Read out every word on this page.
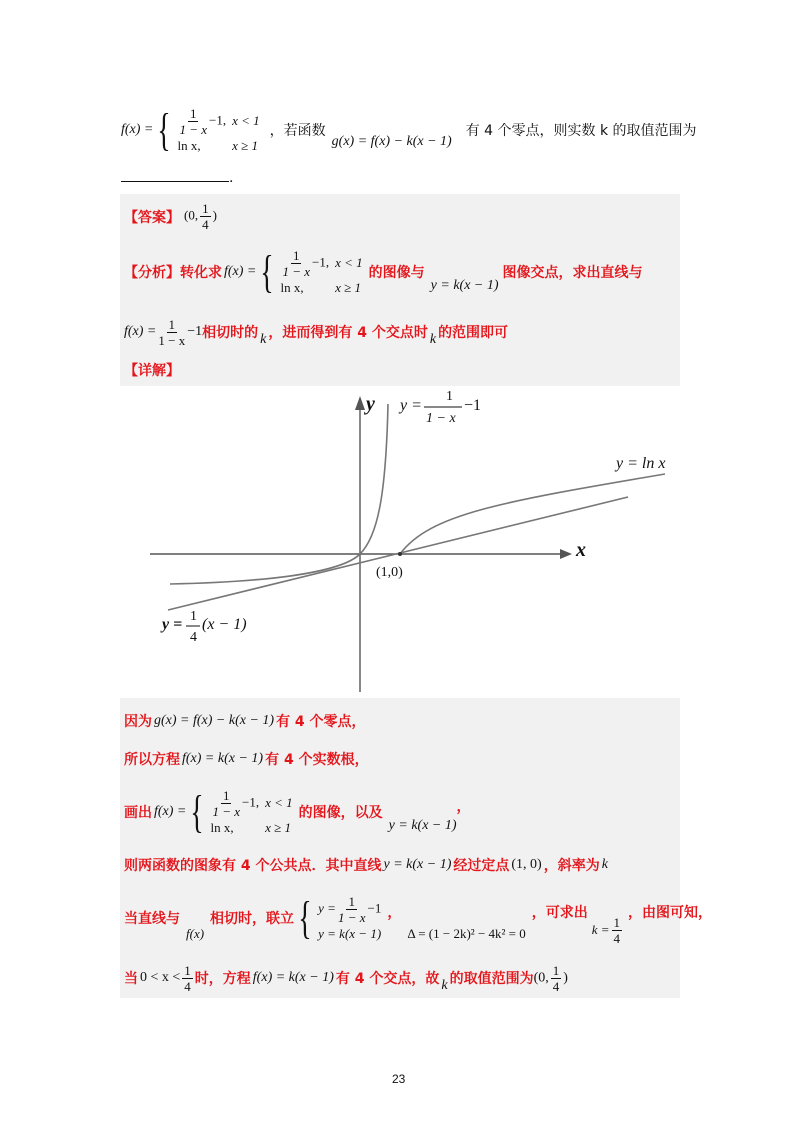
f(x) = { $\frac{1}{1 - x} -1$,	x < 1
ln x,	x ≥ 1
，若函数
g(x) = f(x) − k(x − 1)
有 4 个零点，则实数 k 的取值范围为
.
【答案】 (0, $\frac{1}{4}$ )
【分析】 转化求 f(x) = { $\frac{1}{1 - x} -1$,	x < 1
ln x,	x ≥ 1
的图像与
y = k(x − 1)
图像交点，求出直线与
$f(x) = \frac{1}{1 - x} -1$ 相切时的 k ，进而得到有 4 个交点时 k 的范围即可
【详解】
y
x
(1,0)
y = ln x
y =
1
1 − x
−1
y = 1
4
(x − 1)
因为 g(x) = f(x) − k(x − 1) 有 4 个零点，
所以方程 f(x) = k(x − 1) 有 4 个实数根，
画出 f(x) = { $\frac{1}{1 - x} -1$,	x < 1
ln x,	x ≥ 1
的图像，以及
y = k(x − 1)
，
则两函数的图象有 4 个公共点．其中直线 y = k(x − 1) 经过定点 (1, 0) ，斜率为 k
当直线与
f(x)
相切时，联立 { $y = \frac{1}{1 - x} -1$
y = k(x − 1)
，
Δ = (1 − 2k)² − 4k² = 0
，可求出
$k = \frac{1}{4}$
，由图可知，
当 $0 < x < \frac{1}{4}$ 时，方程 f(x) = k(x − 1) 有 4 个交点，故 k 的取值范围为 (0, $\frac{1}{4}$ )
23
